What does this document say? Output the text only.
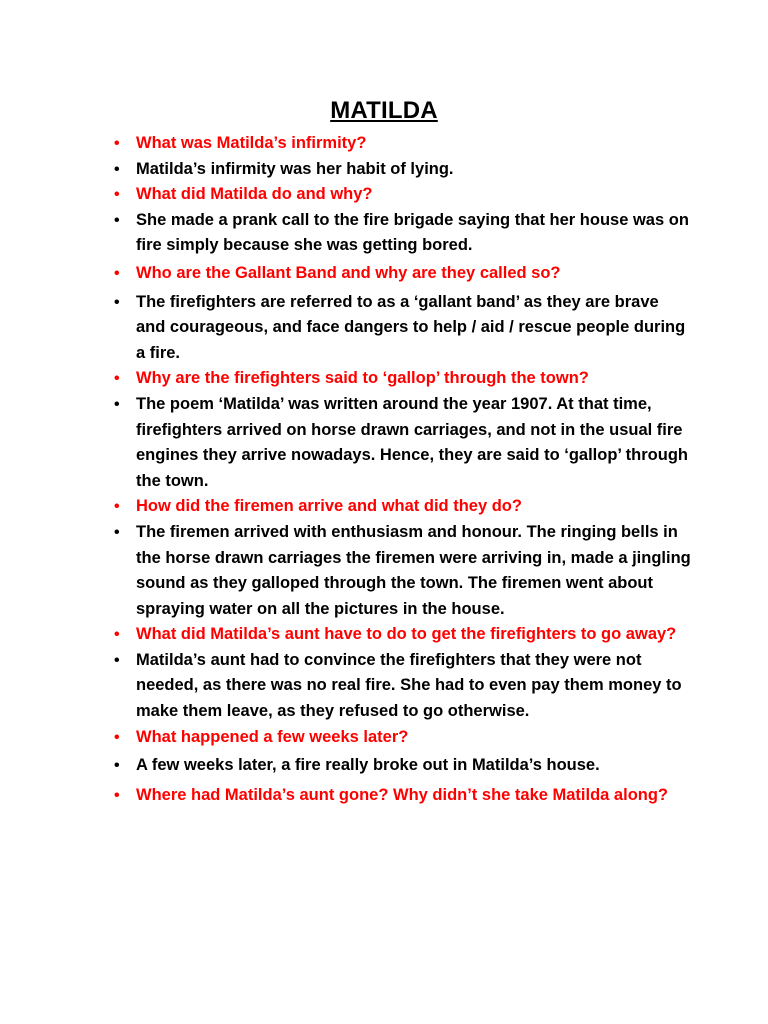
MATILDA
• What was Matilda’s infirmity?
• Matilda’s infirmity was her habit of lying.
• What did Matilda do and why?
• She made a prank call to the fire brigade saying that her house was on fire simply because she was getting bored.
• Who are the Gallant Band and why are they called so?
• The firefighters are referred to as a ‘gallant band’ as they are brave and courageous, and face dangers to help / aid / rescue people during a fire.
• Why are the firefighters said to ‘gallop’ through the town?
• The poem ‘Matilda’ was written around the year 1907. At that time, firefighters arrived on horse drawn carriages, and not in the usual fire engines they arrive nowadays. Hence, they are said to ‘gallop’ through the town.
• How did the firemen arrive and what did they do?
• The firemen arrived with enthusiasm and honour. The ringing bells in the horse drawn carriages the firemen were arriving in, made a jingling sound as they galloped through the town. The firemen went about spraying water on all the pictures in the house.
• What did Matilda’s aunt have to do to get the firefighters to go away?
• Matilda’s aunt had to convince the firefighters that they were not needed, as there was no real fire. She had to even pay them money to make them leave, as they refused to go otherwise.
• What happened a few weeks later?
• A few weeks later, a fire really broke out in Matilda’s house.
• Where had Matilda’s aunt gone? Why didn’t she take Matilda along?
